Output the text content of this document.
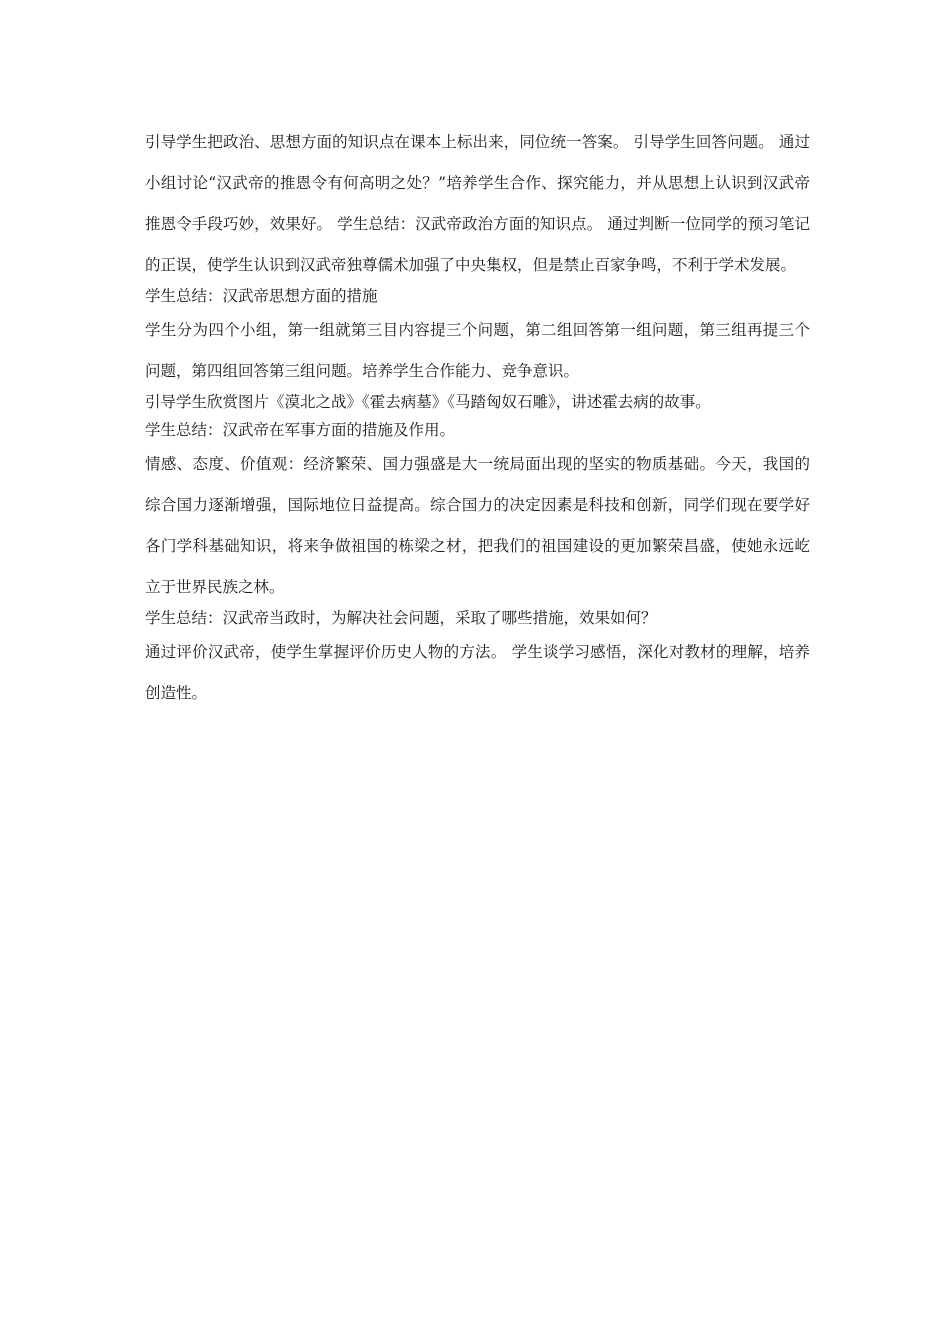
引导学生把政治、思想方面的知识点在课本上标出来，同位统一答案。 引导学生回答问题。 通过小组讨论“汉武帝的推恩令有何高明之处？”培养学生合作、探究能力，并从思想上认识到汉武帝推恩令手段巧妙，效果好。 学生总结：汉武帝政治方面的知识点。 通过判断一位同学的预习笔记的正误，使学生认识到汉武帝独尊儒术加强了中央集权，但是禁止百家争鸣，不利于学术发展。

学生总结：汉武帝思想方面的措施

学生分为四个小组，第一组就第三目内容提三个问题，第二组回答第一组问题，第三组再提三个问题，第四组回答第三组问题。培养学生合作能力、竞争意识。

引导学生欣赏图片《漠北之战》《霍去病墓》《马踏匈奴石雕》，讲述霍去病的故事。

学生总结：汉武帝在军事方面的措施及作用。

情感、态度、价值观：经济繁荣、国力强盛是大一统局面出现的坚实的物质基础。今天，我国的综合国力逐渐增强，国际地位日益提高。综合国力的决定因素是科技和创新，同学们现在要学好各门学科基础知识，将来争做祖国的栋梁之材，把我们的祖国建设的更加繁荣昌盛，使她永远屹立于世界民族之林。

学生总结：汉武帝当政时，为解决社会问题，采取了哪些措施，效果如何？

通过评价汉武帝，使学生掌握评价历史人物的方法。 学生谈学习感悟，深化对教材的理解，培养创造性。
